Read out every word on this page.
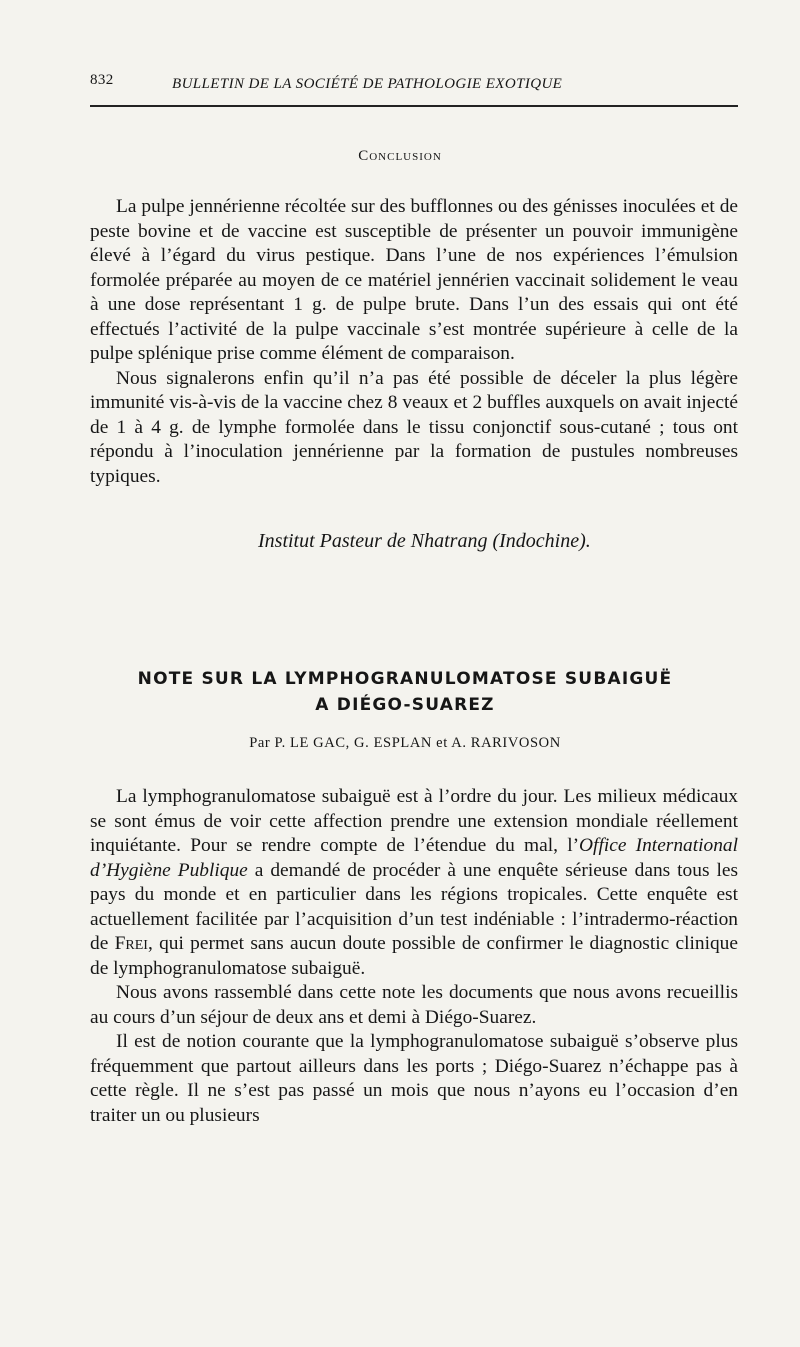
832	BULLETIN DE LA SOCIÉTÉ DE PATHOLOGIE EXOTIQUE
Conclusion

La pulpe jennérienne récoltée sur des bufflonnes ou des génisses inoculées et de peste bovine et de vaccine est susceptible de présenter un pouvoir immunigène élevé à l’égard du virus pestique. Dans l’une de nos expériences l’émulsion formolée préparée au moyen de ce matériel jennérien vaccinait solidement le veau à une dose représentant 1 g. de pulpe brute. Dans l’un des essais qui ont été effectués l’activité de la pulpe vaccinale s’est montrée supérieure à celle de la pulpe splénique prise comme élément de comparaison.

Nous signalerons enfin qu’il n’a pas été possible de déceler la plus légère immunité vis-à-vis de la vaccine chez 8 veaux et 2 buffles auxquels on avait injecté de 1 à 4 g. de lymphe formolée dans le tissu conjonctif sous-cutané ; tous ont répondu à l’inoculation jennérienne par la formation de pustules nombreuses typiques.

Institut Pasteur de Nhatrang (Indochine).
NOTE SUR LA LYMPHOGRANULOMATOSE SUBAIGUË
A DIÉGO-SUAREZ
Par P. LE GAC, G. ESPLAN et A. RARIVOSON

La lymphogranulomatose subaiguë est à l’ordre du jour. Les milieux médicaux se sont émus de voir cette affection prendre une extension mondiale réellement inquiétante. Pour se rendre compte de l’étendue du mal, l’Office International d’Hygiène Publique a demandé de procéder à une enquête sérieuse dans tous les pays du monde et en particulier dans les régions tropicales. Cette enquête est actuellement facilitée par l’acquisition d’un test indéniable : l’intradermo-réaction de Frei, qui permet sans aucun doute possible de confirmer le diagnostic clinique de lymphogranulomatose subaiguë.

Nous avons rassemblé dans cette note les documents que nous avons recueillis au cours d’un séjour de deux ans et demi à Diégo-Suarez.

Il est de notion courante que la lymphogranulomatose subaiguë s’observe plus fréquemment que partout ailleurs dans les ports ; Diégo-Suarez n’échappe pas à cette règle. Il ne s’est pas passé un mois que nous n’ayons eu l’occasion d’en traiter un ou plusieurs
